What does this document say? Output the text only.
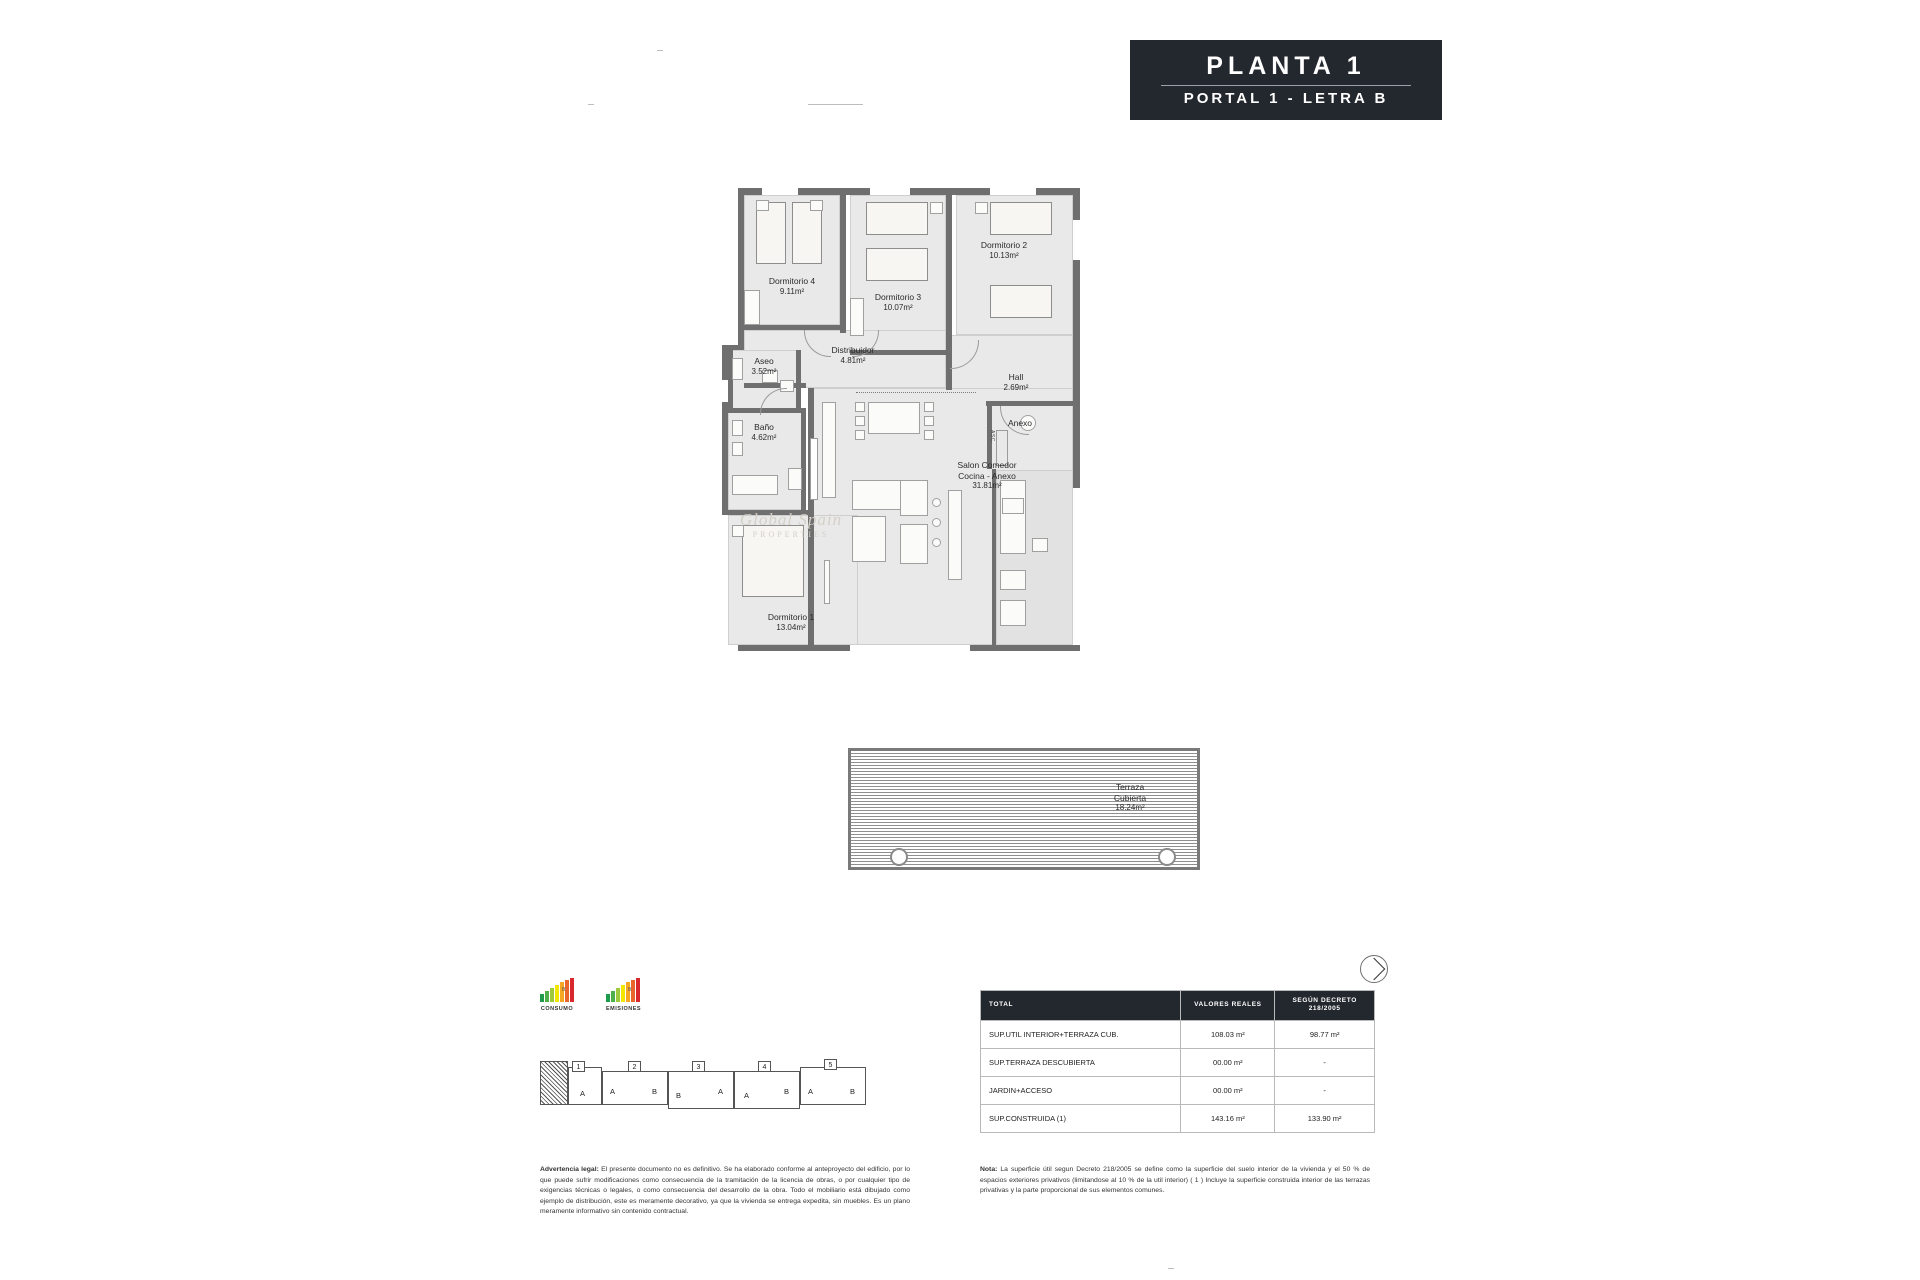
PLANTA 1
PORTAL 1 - LETRA B
ASC.
Dormitorio 4
9.11m²
Dormitorio 3
10.07m²
Dormitorio 2
10.13m²
Aseo
3.52m²
Distribuidor
4.81m²
Hall
2.69m²
Baño
4.62m²
Anexo
Salon Comedor
Cocina - Anexo
31.81m²
Dormitorio 1
13.04m²
Global Spain
PROPERTIES
Terraza
Cubierta
18.24m²
CONSUMO
B
EMISIONES
B
1
A
2
A	B
3
B	A
4
A	B
5
A	B
TOTAL	VALORES REALES	SEGÚN DECRETO 218/2005
SUP.UTIL INTERIOR+TERRAZA CUB.	108.03 m²	98.77 m²
SUP.TERRAZA DESCUBIERTA	00.00 m²	-
JARDIN+ACCESO	00.00 m²	-
SUP.CONSTRUIDA (1)	143.16 m²	133.90 m²
Advertencia legal: El presente documento no es definitivo. Se ha elaborado conforme al anteproyecto del edificio, por lo que puede sufrir modificaciones como consecuencia de la tramitación de la licencia de obras, o por cualquier tipo de exigencias técnicas o legales, o como consecuencia del desarrollo de la obra. Todo el mobiliario está dibujado como ejemplo de distribución, este es meramente decorativo, ya que la vivienda se entrega expedita, sin muebles. Es un plano meramente informativo sin contenido contractual.
Nota: La superficie útil segun Decreto 218/2005 se define como la superficie del suelo interior de la vivienda y el 50 % de espacios exteriores privativos (limitandose al 10 % de la util interior) ( 1 ) Incluye la superficie construida interior de las terrazas privativas y la parte proporcional de sus elementos comunes.
